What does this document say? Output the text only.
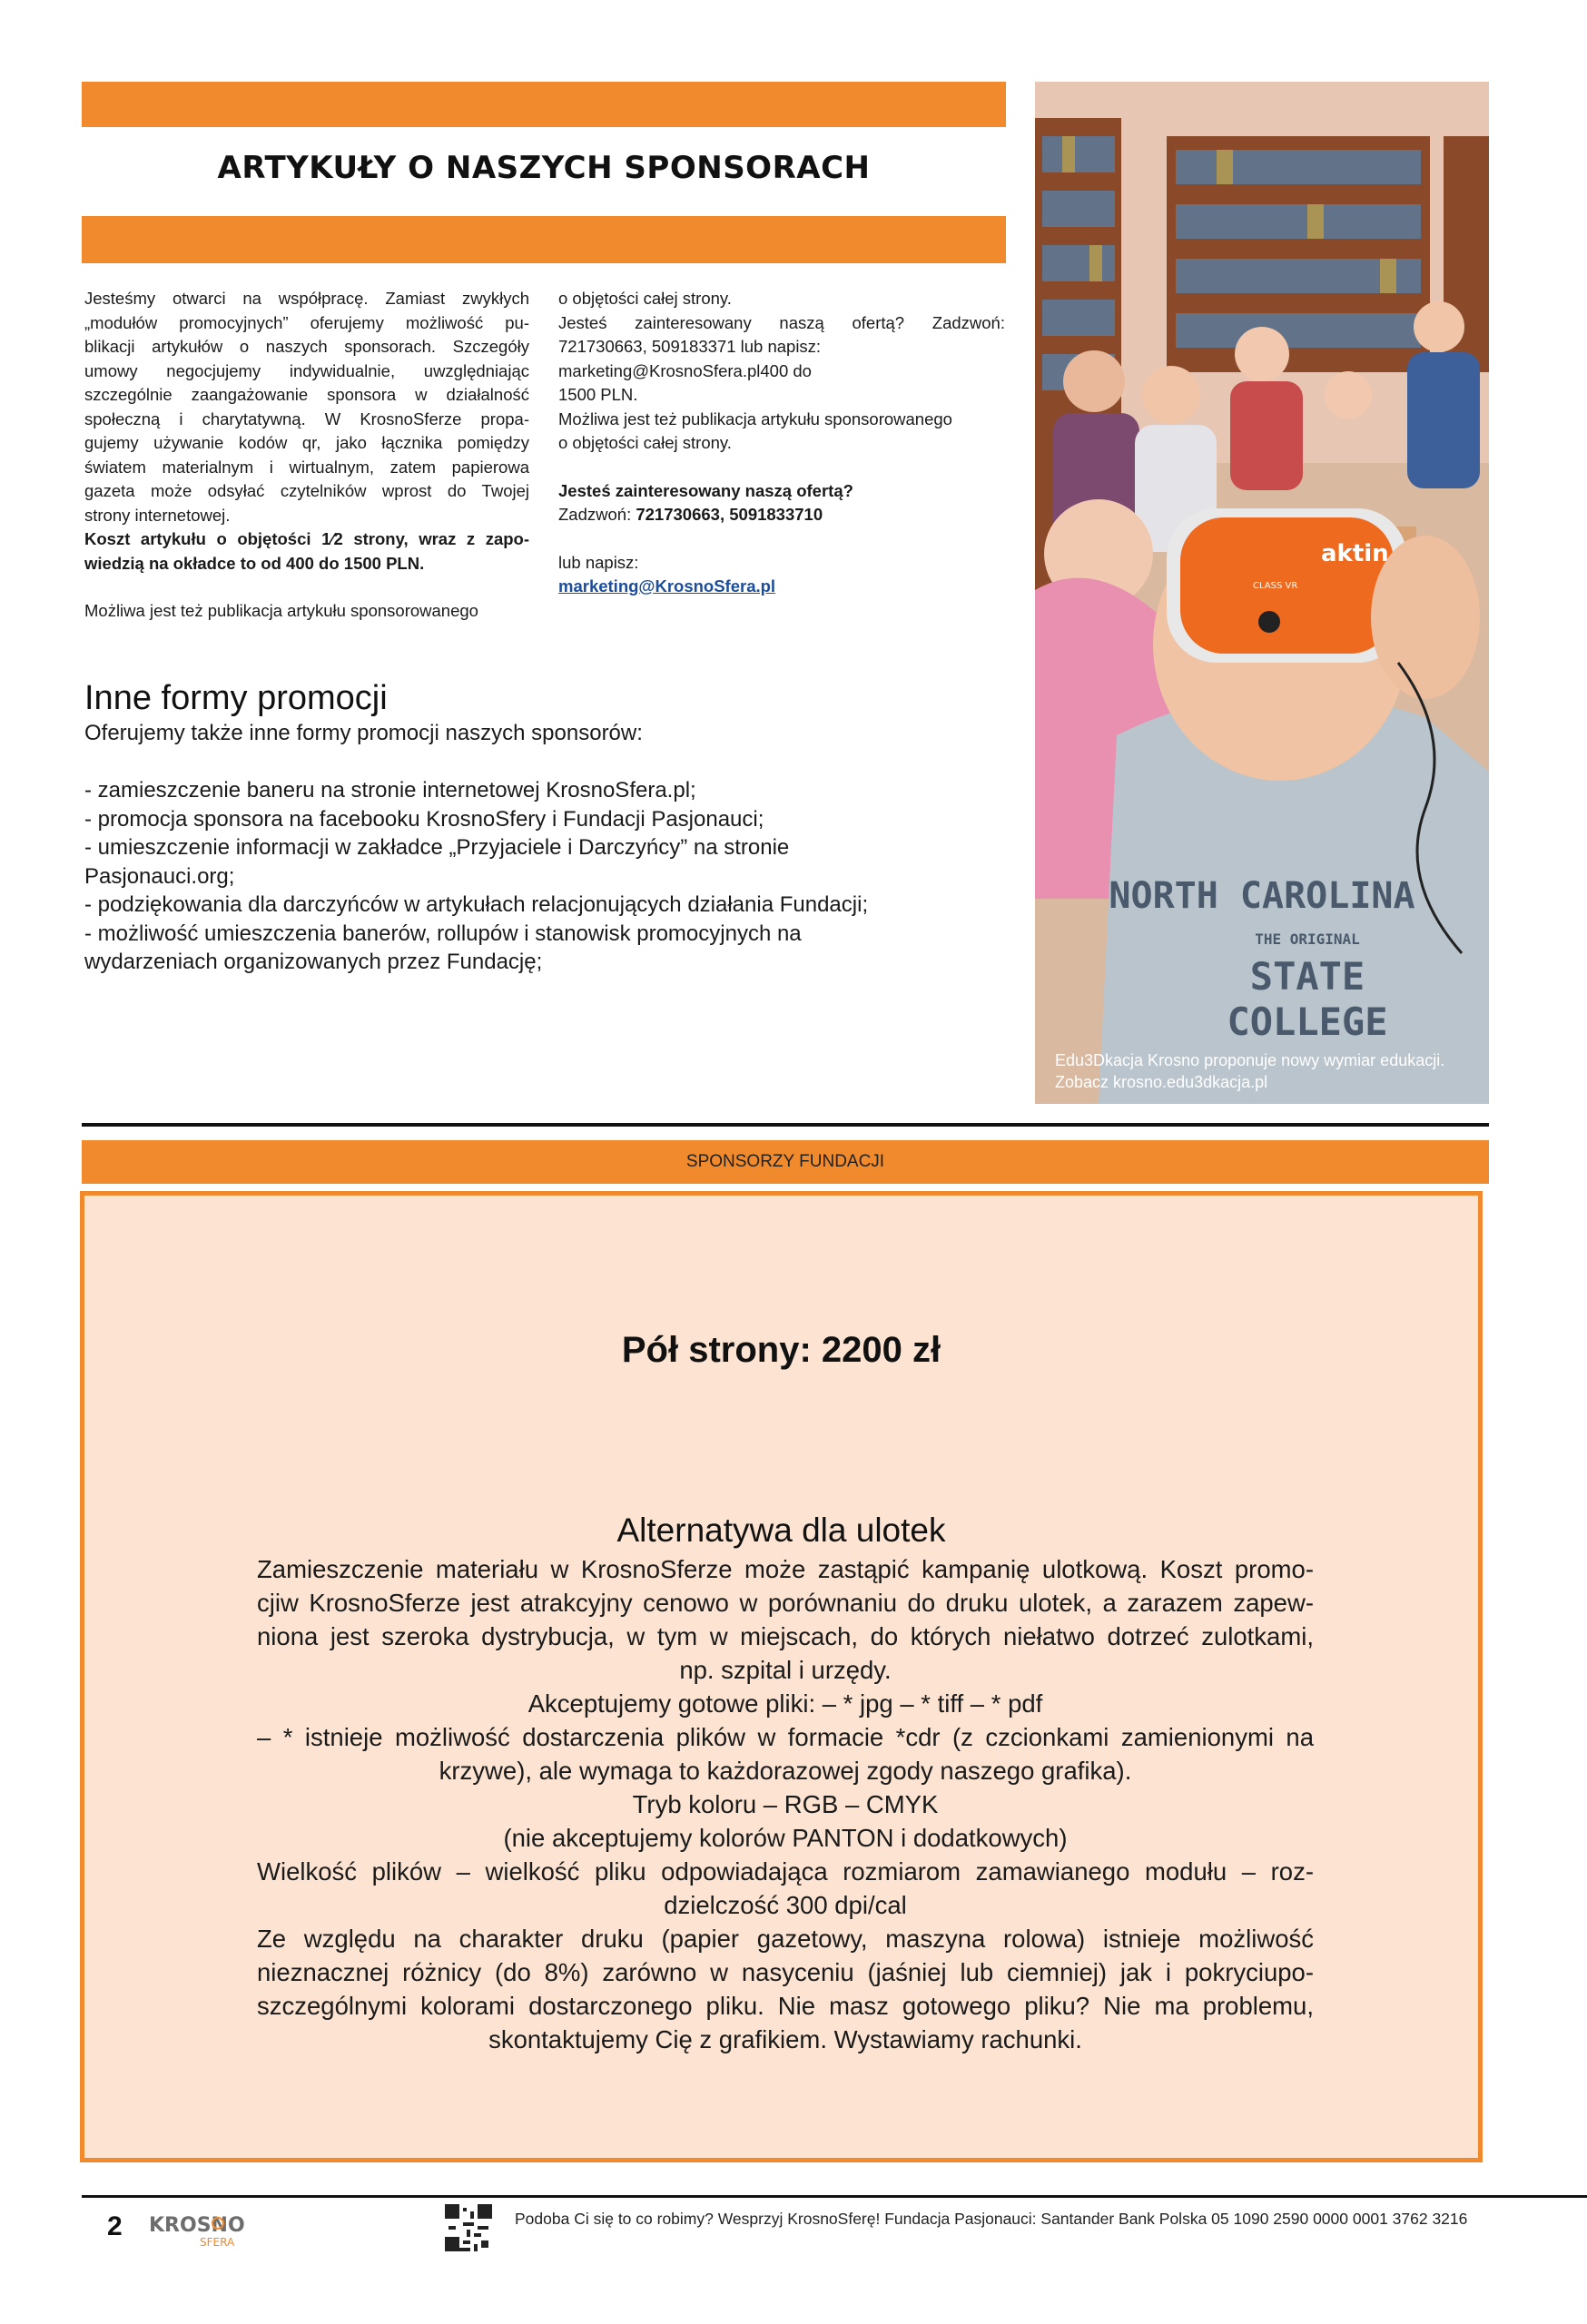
ARTYKUŁY O NASZYCH SPONSORACH

Jesteśmy otwarci na współpracę. Zamiast zwykłych
„modułów promocyjnych” oferujemy możliwość pu-
blikacji artykułów o naszych sponsorach. Szczegóły
umowy negocjujemy indywidualnie, uwzględniając
szczególnie zaangażowanie sponsora w działalność
społeczną i charytatywną. W KrosnoSferze propa-
gujemy używanie kodów qr, jako łącznika pomiędzy
światem materialnym i wirtualnym, zatem papierowa
gazeta może odsyłać czytelników wprost do Twojej
strony internetowej.

Koszt artykułu o objętości 1⁄2 strony, wraz z zapo-
wiedzią na okładce to od 400 do 1500 PLN.

Możliwa jest też publikacja artykułu sponsorowanego

o objętości całej strony.

Jesteś zainteresowany naszą ofertą? Zadzwoń:

721730663, 509183371 lub napisz:

marketing@KrosnoSfera.pl400 do

1500 PLN.

Możliwa jest też publikacja artykułu sponsorowanego

o objętości całej strony.

Jesteś zainteresowany naszą ofertą?

Zadzwoń: 721730663, 5091833710

lub napisz:

marketing@KrosnoSfera.pl

Inne formy promocji
Oferujemy także inne formy promocji naszych sponsorów:
- zamieszczenie baneru na stronie internetowej KrosnoSfera.pl;
- promocja sponsora na facebooku KrosnoSfery i Fundacji Pasjonauci;
- umieszczenie informacji w zakładce „Przyjaciele i Darczyńcy” na stronie
Pasjonauci.org;
- podziękowania dla darczyńców w artykułach relacjonujących działania Fundacji;
- możliwość umieszczenia banerów, rollupów i stanowisk promocyjnych na
wydarzeniach organizowanych przez Fundację;
aktin
CLASS VR
NORTH CAROLINA
THE ORIGINAL
STATE
COLLEGE
Edu3Dkacja Krosno proponuje nowy wymiar edukacji.
Zobacz krosno.edu3dkacja.pl
SPONSORZY FUNDACJI
Pół strony: 2200 zł
Alternatywa dla ulotek
Zamieszczenie materiału w KrosnoSferze może zastąpić kampanię ulotkową. Koszt promo-
cjiw KrosnoSferze jest atrakcyjny cenowo w porównaniu do druku ulotek, a zarazem zapew-
niona jest szeroka dystrybucja, w tym w miejscach, do których niełatwo dotrzeć zulotkami,
np. szpital i urzędy.
Akceptujemy gotowe pliki: – * jpg – * tiff – * pdf
– * istnieje możliwość dostarczenia plików w formacie *cdr (z czcionkami zamienionymi na
krzywe), ale wymaga to każdorazowej zgody naszego grafika).
Tryb koloru – RGB – CMYK
(nie akceptujemy kolorów PANTON i dodatkowych)
Wielkość plików – wielkość pliku odpowiadająca rozmiarom zamawianego modułu – roz-
dzielczość 300 dpi/cal
Ze względu na charakter druku (papier gazetowy, maszyna rolowa) istnieje możliwość
nieznacznej różnicy (do 8%) zarówno w nasyceniu (jaśniej lub ciemniej) jak i pokryciupo-
szczególnymi kolorami dostarczonego pliku. Nie masz gotowego pliku? Nie ma problemu,
skontaktujemy Cię z grafikiem. Wystawiamy rachunki.
2 KROSNO
SFERA
Podoba Ci się to co robimy? Wesprzyj KrosnoSferę! Fundacja Pasjonauci: Santander Bank Polska 05 1090 2590 0000 0001 3762 3216
